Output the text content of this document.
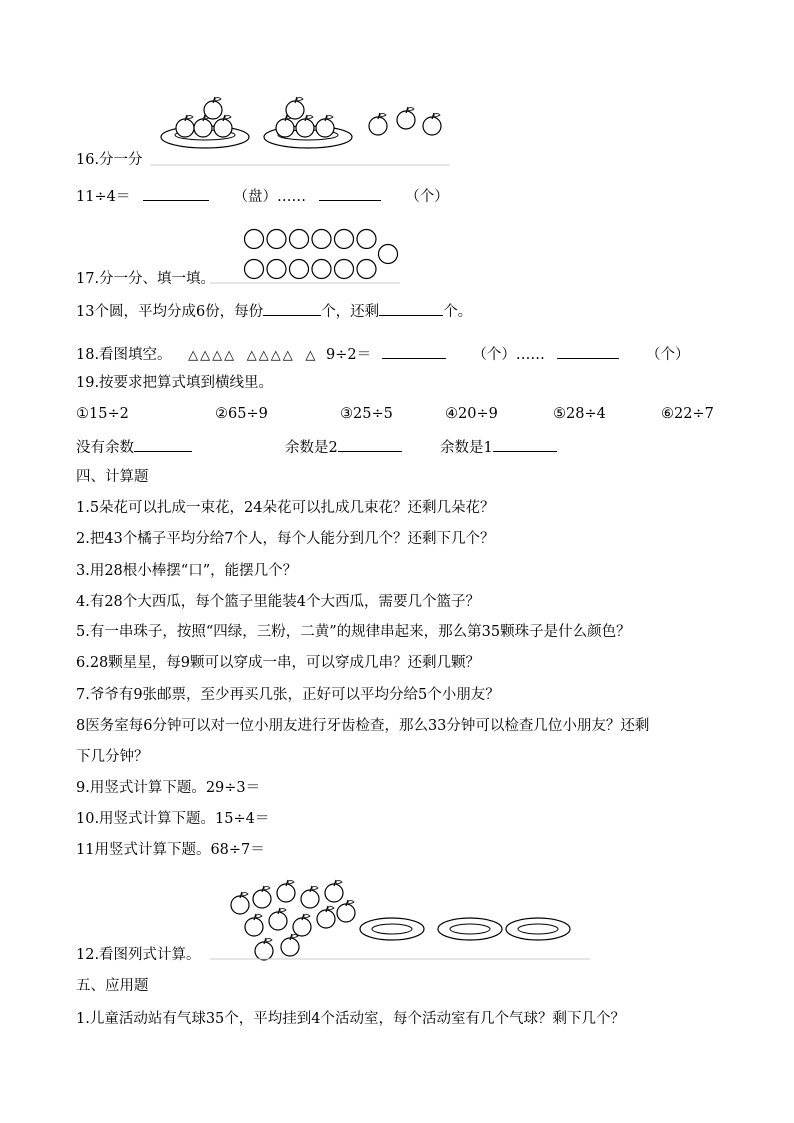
16.分一分
11÷4＝	（盘）……	（个）
17.分一分、填一填。
13个圆，平均分成6份，每份	个，还剩	个。
18.看图填空。 △△△△ △△△△ △ 9÷2＝	（个）……	（个）
19.按要求把算式填到横线里。
①15÷2	②65÷9	③25÷5	④20÷9	⑤28÷4	⑥22÷7
没有余数	余数是2	余数是1
四、计算题
1.5朵花可以扎成一束花，24朵花可以扎成几束花？还剩几朵花？
2.把43个橘子平均分给7个人，每个人能分到几个？还剩下几个？
3.用28根小棒摆“口”，能摆几个？
4.有28个大西瓜，每个篮子里能装4个大西瓜，需要几个篮子？
5.有一串珠子，按照“四绿，三粉，二黄”的规律串起来，那么第35颗珠子是什么颜色？
6.28颗星星，每9颗可以穿成一串，可以穿成几串？还剩几颗？
7.爷爷有9张邮票，至少再买几张，正好可以平均分给5个小朋友？
8医务室每6分钟可以对一位小朋友进行牙齿检查，那么33分钟可以检查几位小朋友？还剩
下几分钟？
9.用竖式计算下题。29÷3＝
10.用竖式计算下题。15÷4＝
11用竖式计算下题。68÷7＝
12.看图列式计算。
五、应用题
1.儿童活动站有气球35个，平均挂到4个活动室，每个活动室有几个气球？剩下几个？
